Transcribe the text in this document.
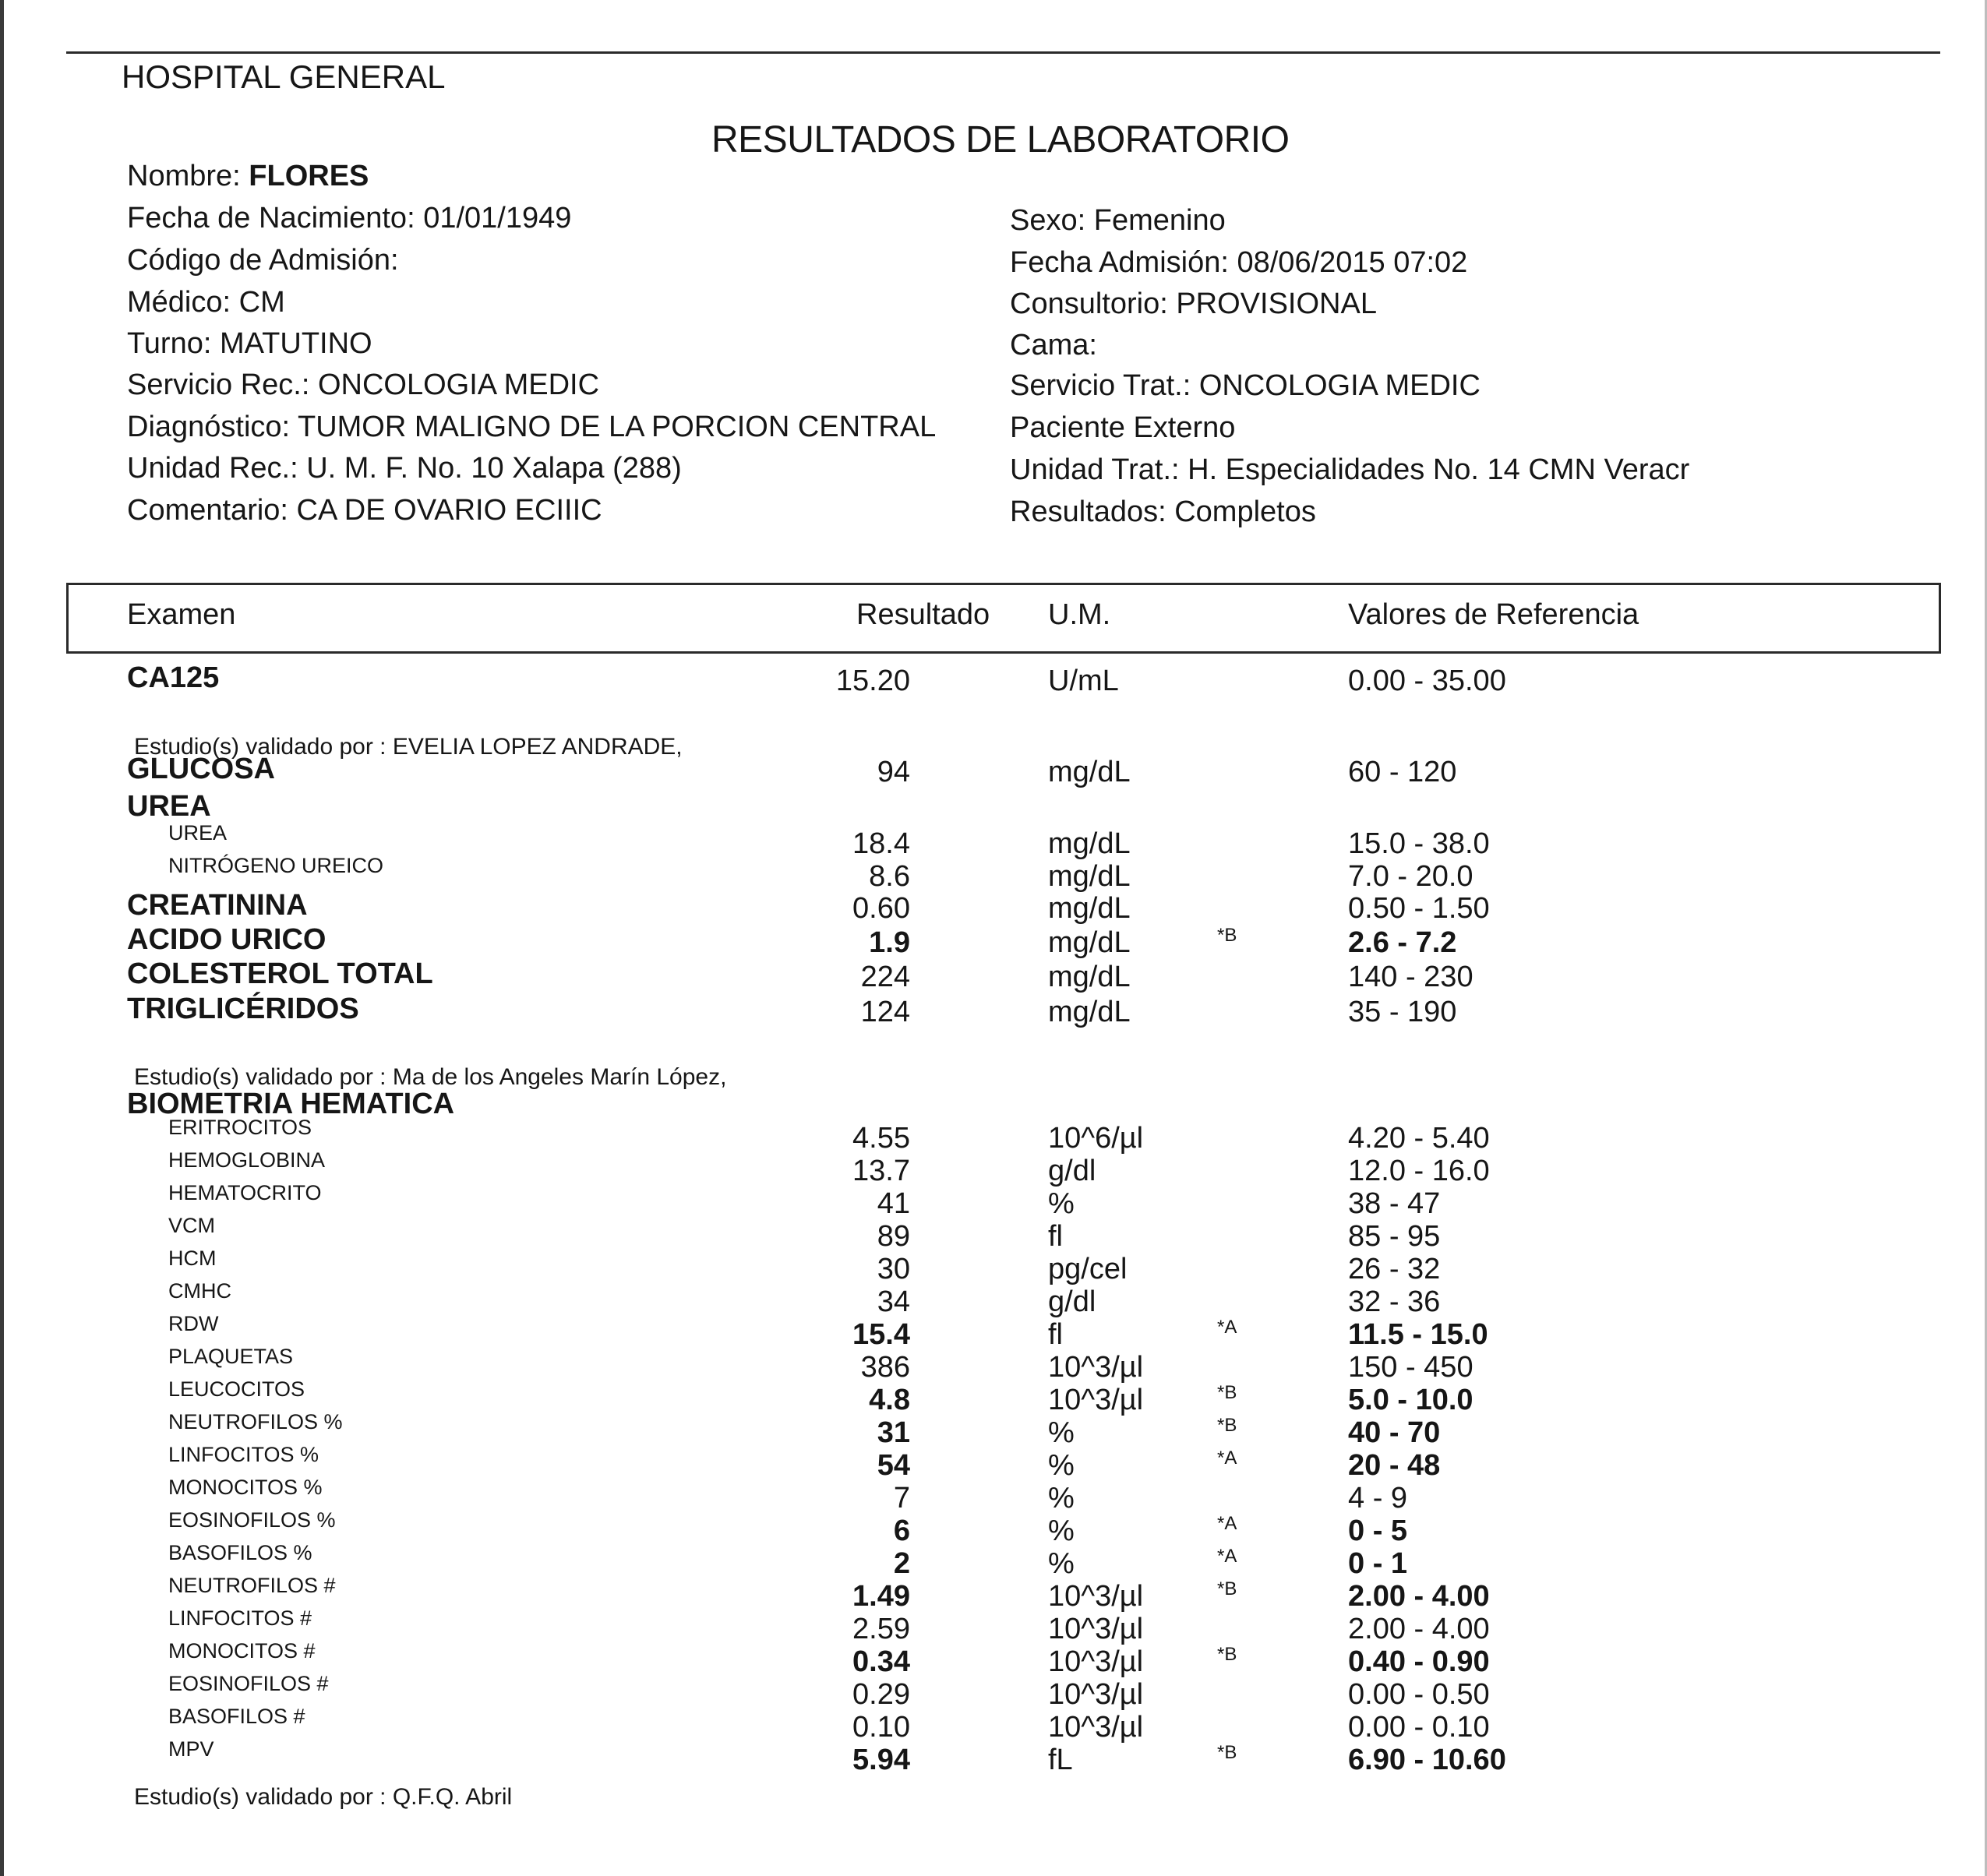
HOSPITAL GENERAL
RESULTADOS DE LABORATORIO
Nombre: FLORES
Fecha de Nacimiento: 01/01/1949
Código de Admisión:
Médico: CM
Turno: MATUTINO
Servicio Rec.: ONCOLOGIA MEDIC
Diagnóstico: TUMOR MALIGNO DE LA PORCION CENTRAL
Unidad Rec.: U. M. F. No. 10 Xalapa (288)
Comentario: CA DE OVARIO ECIIIC
Sexo: Femenino
Fecha Admisión: 08/06/2015 07:02
Consultorio: PROVISIONAL
Cama:
Servicio Trat.: ONCOLOGIA MEDIC
Paciente Externo
Unidad Trat.: H. Especialidades No. 14 CMN Veracr
Resultados: Completos
Examen	Resultado U.M.	Valores de Referencia
CA125	15.20	U/mL	0.00 - 35.00
Estudio(s) validado por : EVELIA LOPEZ ANDRADE,
GLUCOSA	94	mg/dL	60 - 120
UREA
UREA	18.4	mg/dL	15.0 - 38.0
NITRÓGENO UREICO	8.6	mg/dL	7.0 - 20.0
CREATININA	0.60	mg/dL	0.50 - 1.50
ACIDO URICO	1.9	mg/dL	*B	2.6 - 7.2
COLESTEROL TOTAL	224	mg/dL	140 - 230
TRIGLICÉRIDOS	124	mg/dL	35 - 190
Estudio(s) validado por : Ma de los Angeles Marín López,
BIOMETRIA HEMATICA
ERITROCITOS	4.55	10^6/µl	4.20 - 5.40
HEMOGLOBINA	13.7	g/dl	12.0 - 16.0
HEMATOCRITO	41	%	38 - 47
VCM	89	fl	85 - 95
HCM	30	pg/cel	26 - 32
CMHC	34	g/dl	32 - 36
RDW	15.4	fl	*A	11.5 - 15.0
PLAQUETAS	386	10^3/µl	150 - 450
LEUCOCITOS	4.8	10^3/µl	*B	5.0 - 10.0
NEUTROFILOS %	31	%	*B	40 - 70
LINFOCITOS %	54	%	*A	20 - 48
MONOCITOS %	7	%	4 - 9
EOSINOFILOS %	6	%	*A	0 - 5
BASOFILOS %	2	%	*A	0 - 1
NEUTROFILOS #	1.49	10^3/µl	*B	2.00 - 4.00
LINFOCITOS #	2.59	10^3/µl	2.00 - 4.00
MONOCITOS #	0.34	10^3/µl	*B	0.40 - 0.90
EOSINOFILOS #	0.29	10^3/µl	0.00 - 0.50
BASOFILOS #	0.10	10^3/µl	0.00 - 0.10
MPV	5.94	fL	*B	6.90 - 10.60
Estudio(s) validado por : Q.F.Q. Abril
